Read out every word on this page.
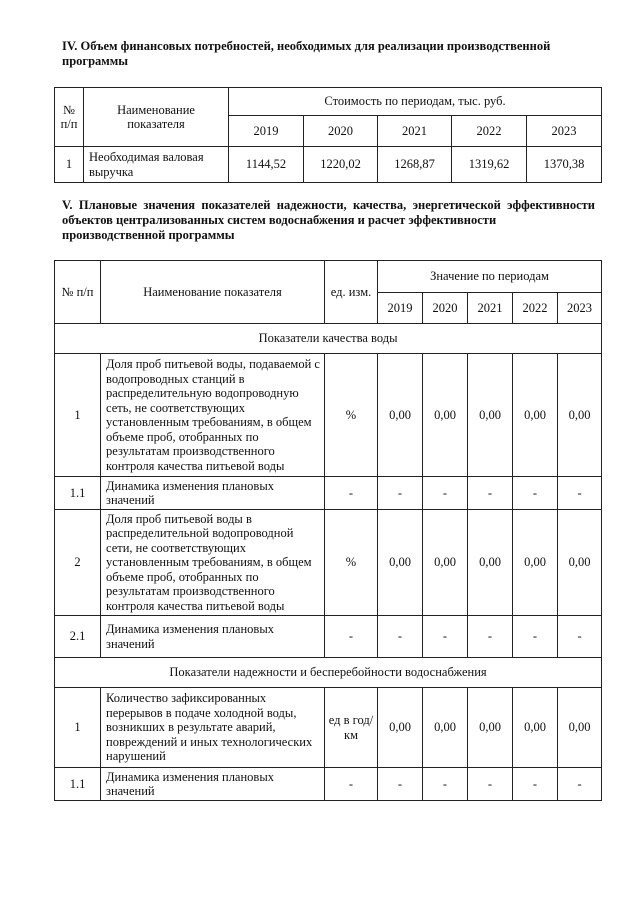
IV. Объем финансовых потребностей, необходимых для реализации производственной
программы
№ п/п	Наименование показателя	Стоимость по периодам, тыс. руб.				
		2019	2020	2021	2022	2023
1	Необходимая валовая выручка	1144,52	1220,02	1268,87	1319,62	1370,38
V. Плановые значения показателей надежности, качества, энергетической эффективности объектов централизованных систем водоснабжения и расчет эффективности
производственной программы
№ п/п	Наименование показателя	ед. изм.	Значение по периодам				
			2019	2020	2021	2022	2023
Показатели качества воды							
1	Доля проб питьевой воды, подаваемой с водопроводных станций в распределительную водопроводную сеть, не соответствующих установленным требованиям, в общем объеме проб, отобранных по результатам производственного контроля качества питьевой воды	%	0,00	0,00	0,00	0,00	0,00
1.1	Динамика изменения плановых значений	-	-	-	-	-	-
2	Доля проб питьевой воды в распределительной водопроводной сети, не соответствующих установленным требованиям, в общем объеме проб, отобранных по результатам производственного контроля качества питьевой воды	%	0,00	0,00	0,00	0,00	0,00
2.1	Динамика изменения плановых значений	-	-	-	-	-	-
Показатели надежности и бесперебойности водоснабжения							
1	Количество зафиксированных перерывов в подаче холодной воды, возникших в результате аварий, повреждений и иных технологических нарушений	ед в год/ км	0,00	0,00	0,00	0,00	0,00
1.1	Динамика изменения плановых значений	-	-	-	-	-	-
